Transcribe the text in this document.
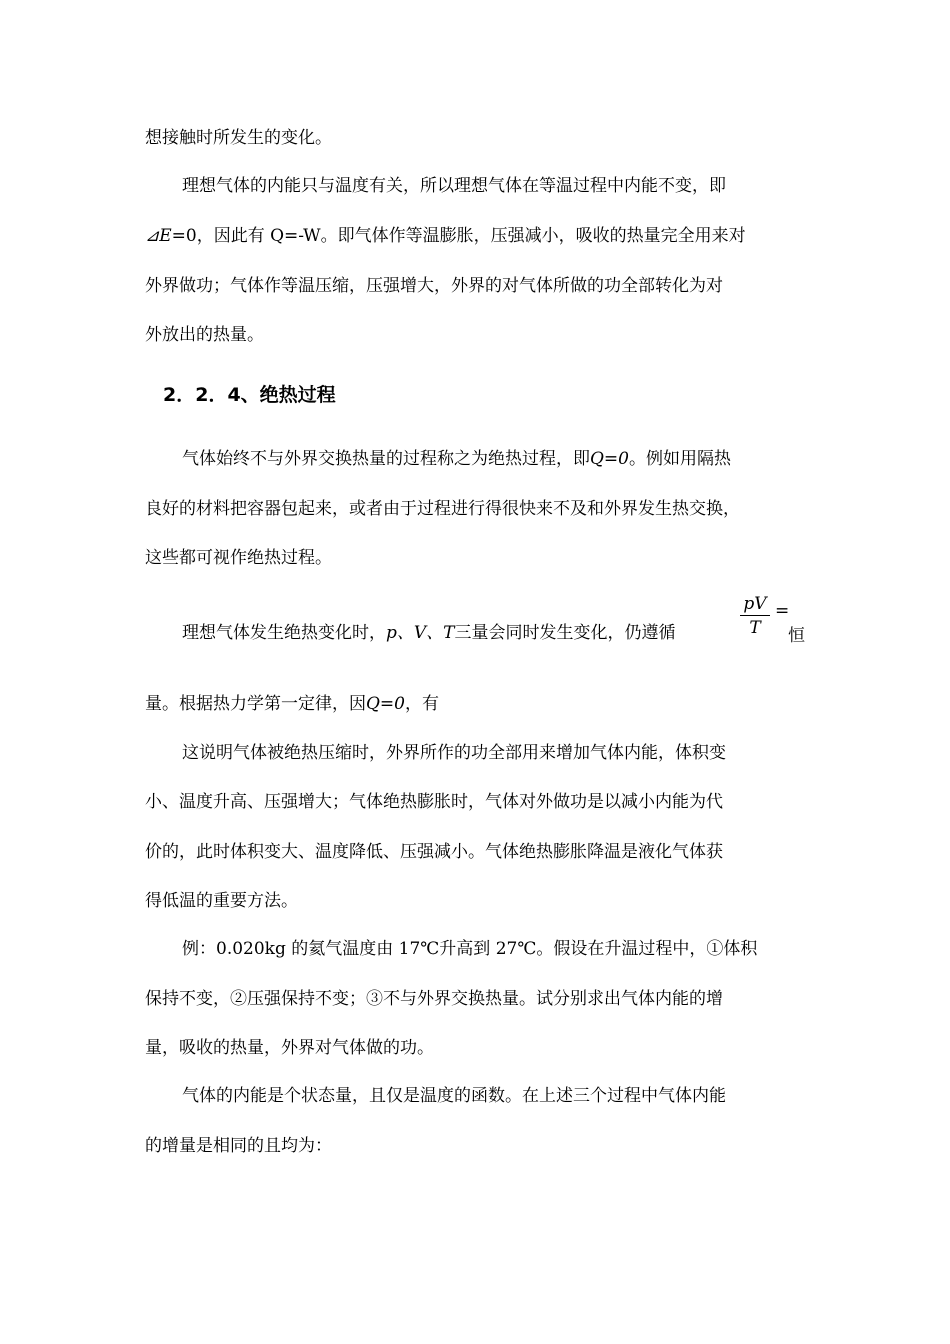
想接触时所发生的变化。
理想气体的内能只与温度有关，所以理想气体在等温过程中内能不变，即
⊿E=0，因此有 Q=-W。即气体作等温膨胀，压强减小，吸收的热量完全用来对
外界做功；气体作等温压缩，压强增大，外界的对气体所做的功全部转化为对
外放出的热量。
2．2．4、绝热过程
气体始终不与外界交换热量的过程称之为绝热过程，即Q=0。例如用隔热
良好的材料把容器包起来，或者由于过程进行得很快来不及和外界发生热交换，
这些都可视作绝热过程。
理想气体发生绝热变化时，p、V、T三量会同时发生变化，仍遵循	$\frac{pV}{T}$ =
恒
量。根据热力学第一定律，因Q=0，有
这说明气体被绝热压缩时，外界所作的功全部用来增加气体内能，体积变
小、温度升高、压强增大；气体绝热膨胀时，气体对外做功是以减小内能为代
价的，此时体积变大、温度降低、压强减小。气体绝热膨胀降温是液化气体获
得低温的重要方法。
例：0.020kg 的氦气温度由 17℃升高到 27℃。假设在升温过程中，①体积
保持不变，②压强保持不变；③不与外界交换热量。试分别求出气体内能的增
量，吸收的热量，外界对气体做的功。
气体的内能是个状态量，且仅是温度的函数。在上述三个过程中气体内能
的增量是相同的且均为：
